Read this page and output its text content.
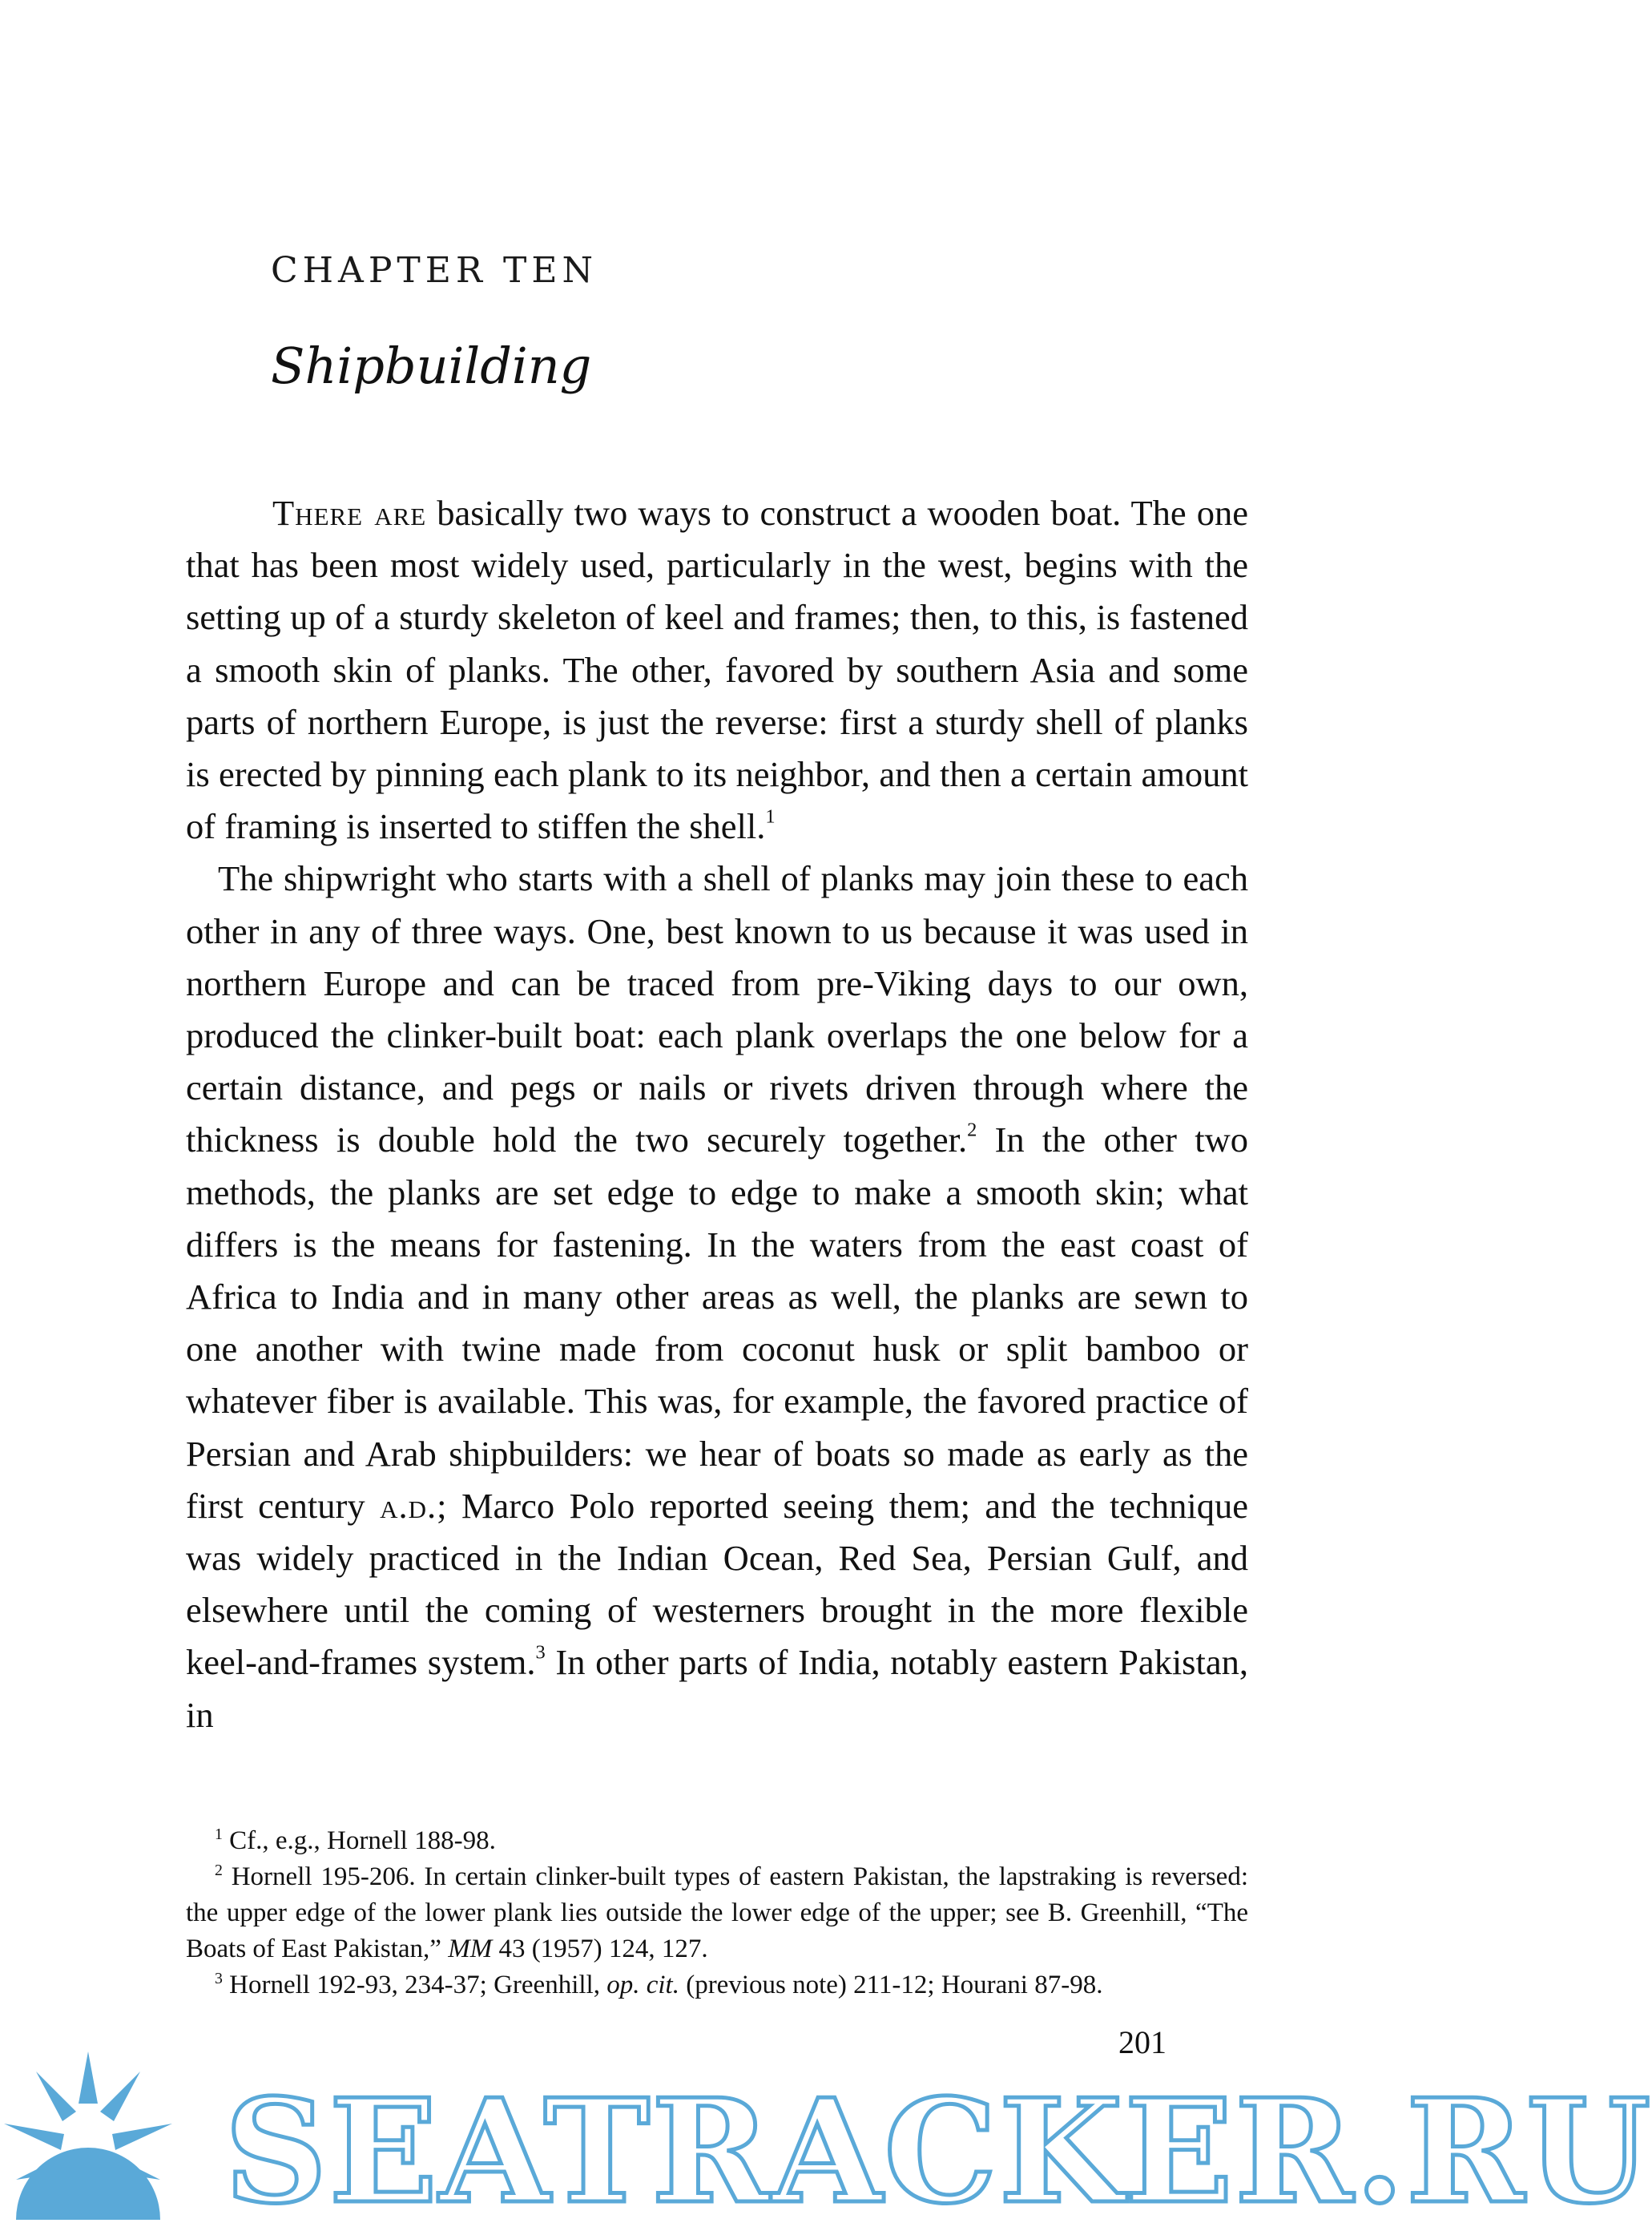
CHAPTER TEN
Shipbuilding

There are basically two ways to construct a wooden boat. The one that has been most widely used, particularly in the west, begins with the setting up of a sturdy skeleton of keel and frames; then, to this, is fastened a smooth skin of planks. The other, favored by southern Asia and some parts of northern Europe, is just the reverse: first a sturdy shell of planks is erected by pinning each plank to its neighbor, and then a certain amount of framing is inserted to stiffen the shell.$^1$

The shipwright who starts with a shell of planks may join these to each other in any of three ways. One, best known to us because it was used in northern Europe and can be traced from pre-Viking days to our own, produced the clinker-built boat: each plank overlaps the one below for a certain distance, and pegs or nails or rivets driven through where the thickness is double hold the two securely together.$^2$ In the other two methods, the planks are set edge to edge to make a smooth skin; what differs is the means for fastening. In the waters from the east coast of Africa to India and in many other areas as well, the planks are sewn to one another with twine made from coconut husk or split bamboo or whatever fiber is available. This was, for example, the favored practice of Persian and Arab shipbuilders: we hear of boats so made as early as the first century a.d.; Marco Polo reported seeing them; and the technique was widely practiced in the Indian Ocean, Red Sea, Persian Gulf, and elsewhere until the coming of westerners brought in the more flexible keel-and-frames system.$^3$ In other parts of India, notably eastern Pakistan, in

$^1$ Cf., e.g., Hornell 188-98.

$^2$ Hornell 195-206. In certain clinker-built types of eastern Pakistan, the lapstraking is reversed: the upper edge of the lower plank lies outside the lower edge of the upper; see B. Greenhill, “The Boats of East Pakistan,” MM 43 (1957) 124, 127.

$^3$ Hornell 192-93, 234-37; Greenhill, op. cit. (previous note) 211-12; Hourani 87-98.

201
SEATRACKER.RU
